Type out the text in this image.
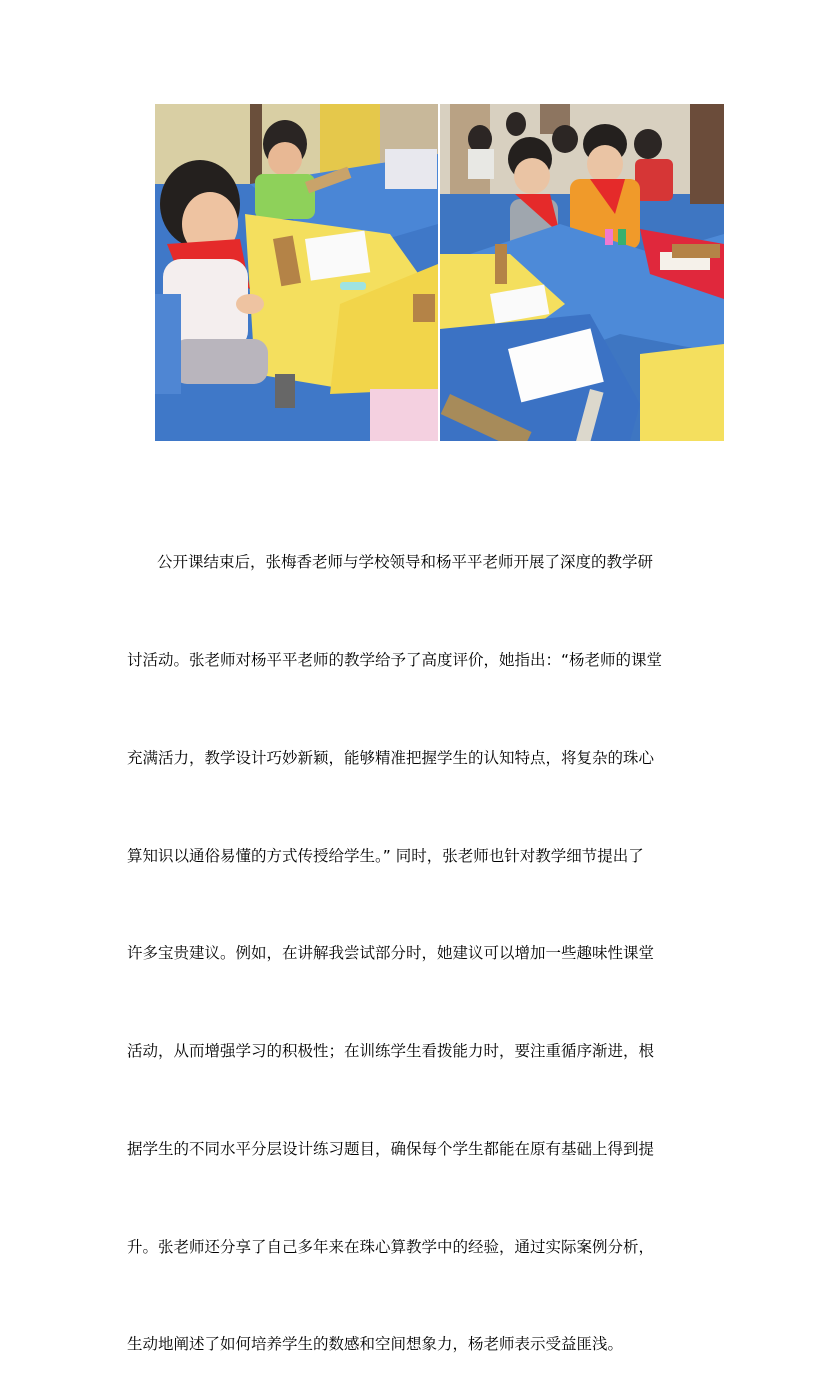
公开课结束后，张梅香老师与学校领导和杨平平老师开展了深度的教学研

讨活动。张老师对杨平平老师的教学给予了高度评价，她指出：“杨老师的课堂

充满活力，教学设计巧妙新颖，能够精准把握学生的认知特点，将复杂的珠心

算知识以通俗易懂的方式传授给学生。” 同时，张老师也针对教学细节提出了

许多宝贵建议。例如，在讲解我尝试部分时，她建议可以增加一些趣味性课堂

活动，从而增强学习的积极性；在训练学生看拨能力时，要注重循序渐进，根

据学生的不同水平分层设计练习题目，确保每个学生都能在原有基础上得到提

升。张老师还分享了自己多年来在珠心算教学中的经验，通过实际案例分析，

生动地阐述了如何培养学生的数感和空间想象力，杨老师表示受益匪浅。
